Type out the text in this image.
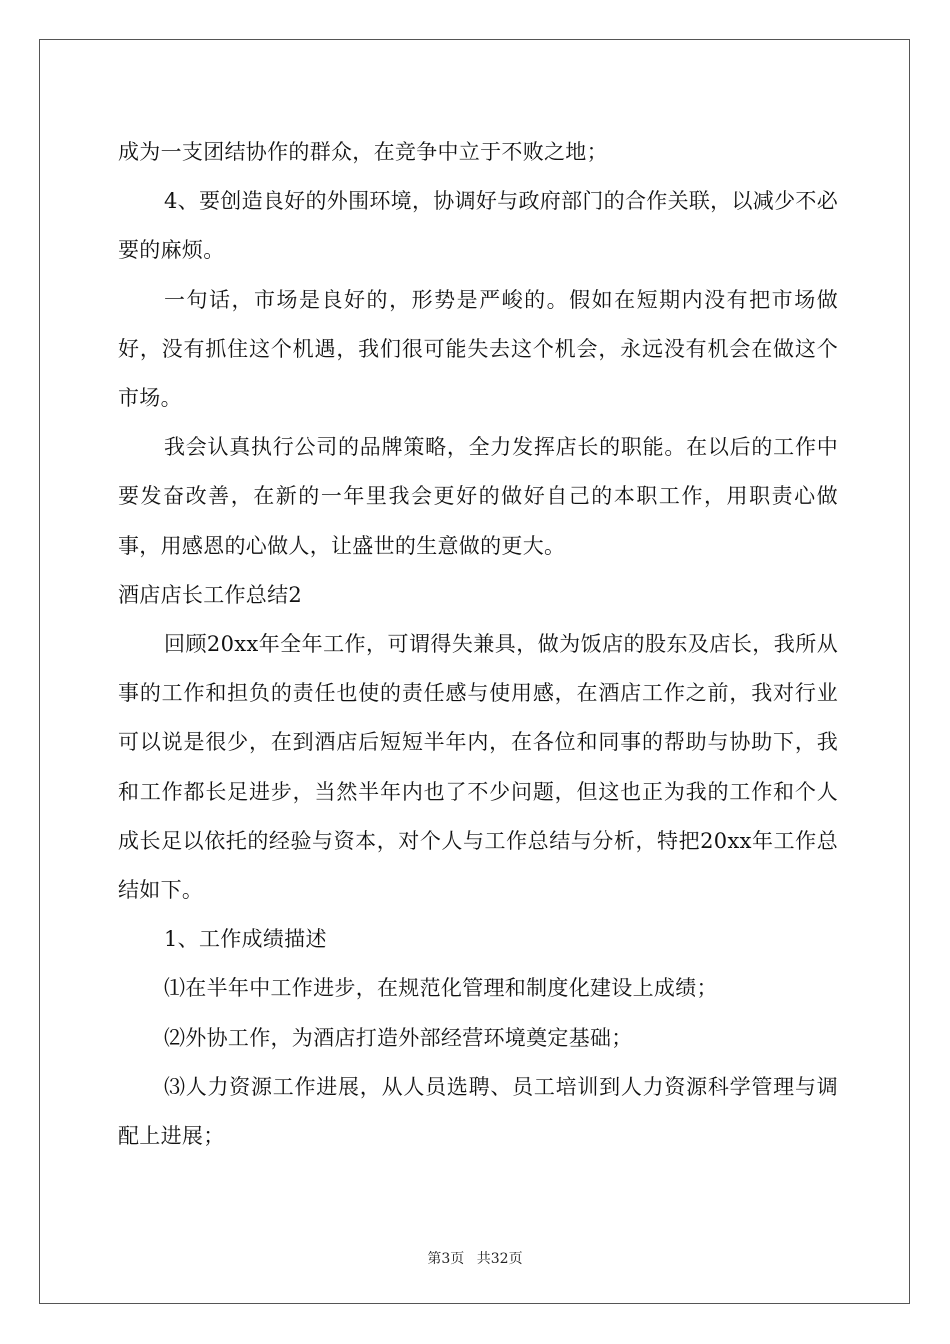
成为一支团结协作的群众，在竞争中立于不败之地；

4、要创造良好的外围环境，协调好与政府部门的合作关联，以减少不必要的麻烦。

一句话，市场是良好的，形势是严峻的。假如在短期内没有把市场做好，没有抓住这个机遇，我们很可能失去这个机会，永远没有机会在做这个市场。

我会认真执行公司的品牌策略，全力发挥店长的职能。在以后的工作中要发奋改善，在新的一年里我会更好的做好自己的本职工作，用职责心做事，用感恩的心做人，让盛世的生意做的更大。

酒店店长工作总结2

回顾20xx年全年工作，可谓得失兼具，做为饭店的股东及店长，我所从事的工作和担负的责任也使的责任感与使用感，在酒店工作之前，我对行业可以说是很少，在到酒店后短短半年内，在各位和同事的帮助与协助下，我和工作都长足进步，当然半年内也了不少问题，但这也正为我的工作和个人成长足以依托的经验与资本，对个人与工作总结与分析，特把20xx年工作总结如下。

1、工作成绩描述

⑴在半年中工作进步，在规范化管理和制度化建设上成绩；

⑵外协工作，为酒店打造外部经营环境奠定基础；

⑶人力资源工作进展，从人员选聘、员工培训到人力资源科学管理与调配上进展；

第3页 共32页
